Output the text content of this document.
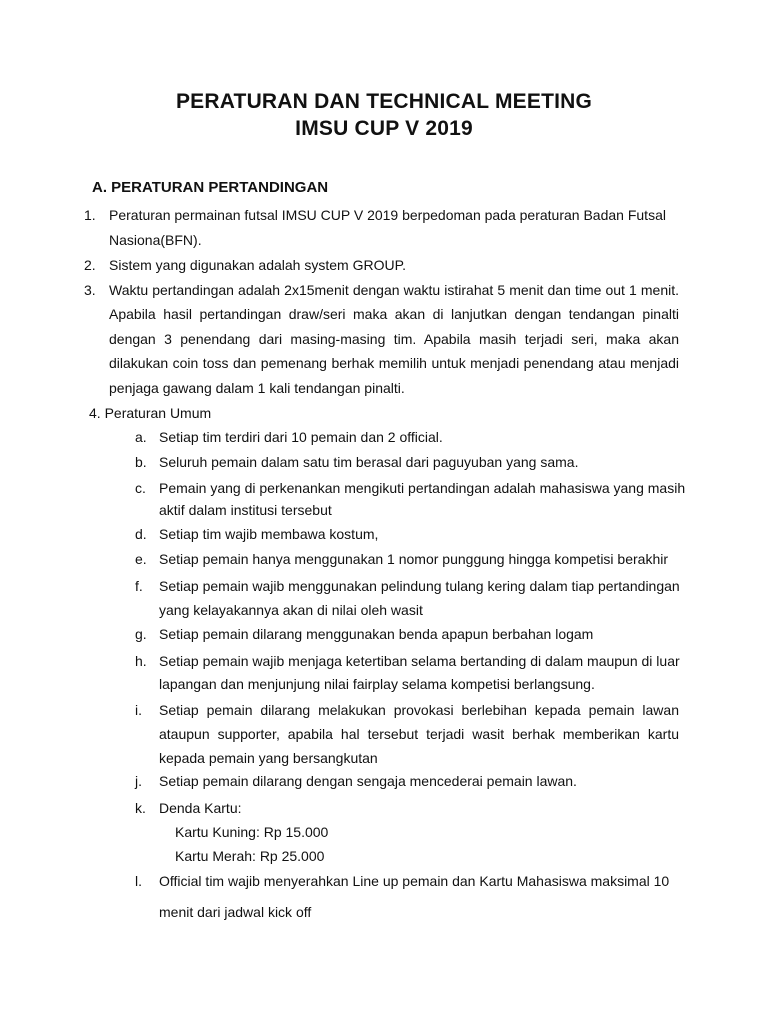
PERATURAN DAN TECHNICAL MEETING
IMSU CUP V 2019
A. PERATURAN PERTANDINGAN
1. Peraturan permainan futsal IMSU CUP V 2019 berpedoman pada peraturan Badan Futsal
Nasiona(BFN).
2. Sistem yang digunakan adalah system GROUP.
3. Waktu pertandingan adalah 2x15menit dengan waktu istirahat 5 menit dan time out 1 menit.
Apabila hasil pertandingan draw/seri maka akan di lanjutkan dengan tendangan pinalti
dengan 3 penendang dari masing-masing tim. Apabila masih terjadi seri, maka akan
dilakukan coin toss dan pemenang berhak memilih untuk menjadi penendang atau menjadi
penjaga gawang dalam 1 kali tendangan pinalti.
4. Peraturan Umum
a. Setiap tim terdiri dari 10 pemain dan 2 official.
b. Seluruh pemain dalam satu tim berasal dari paguyuban yang sama.
c. Pemain yang di perkenankan mengikuti pertandingan adalah mahasiswa yang masih
aktif dalam institusi tersebut
d. Setiap tim wajib membawa kostum,
e. Setiap pemain hanya menggunakan 1 nomor punggung hingga kompetisi berakhir
f. Setiap pemain wajib menggunakan pelindung tulang kering dalam tiap pertandingan
yang kelayakannya akan di nilai oleh wasit
g. Setiap pemain dilarang menggunakan benda apapun berbahan logam
h. Setiap pemain wajib menjaga ketertiban selama bertanding di dalam maupun di luar
lapangan dan menjunjung nilai fairplay selama kompetisi berlangsung.
i. Setiap pemain dilarang melakukan provokasi berlebihan kepada pemain lawan
ataupun supporter, apabila hal tersebut terjadi wasit berhak memberikan kartu
kepada pemain yang bersangkutan
j. Setiap pemain dilarang dengan sengaja mencederai pemain lawan.
k. Denda Kartu:
Kartu Kuning: Rp 15.000
Kartu Merah: Rp 25.000
l. Official tim wajib menyerahkan Line up pemain dan Kartu Mahasiswa maksimal 10
menit dari jadwal kick off
